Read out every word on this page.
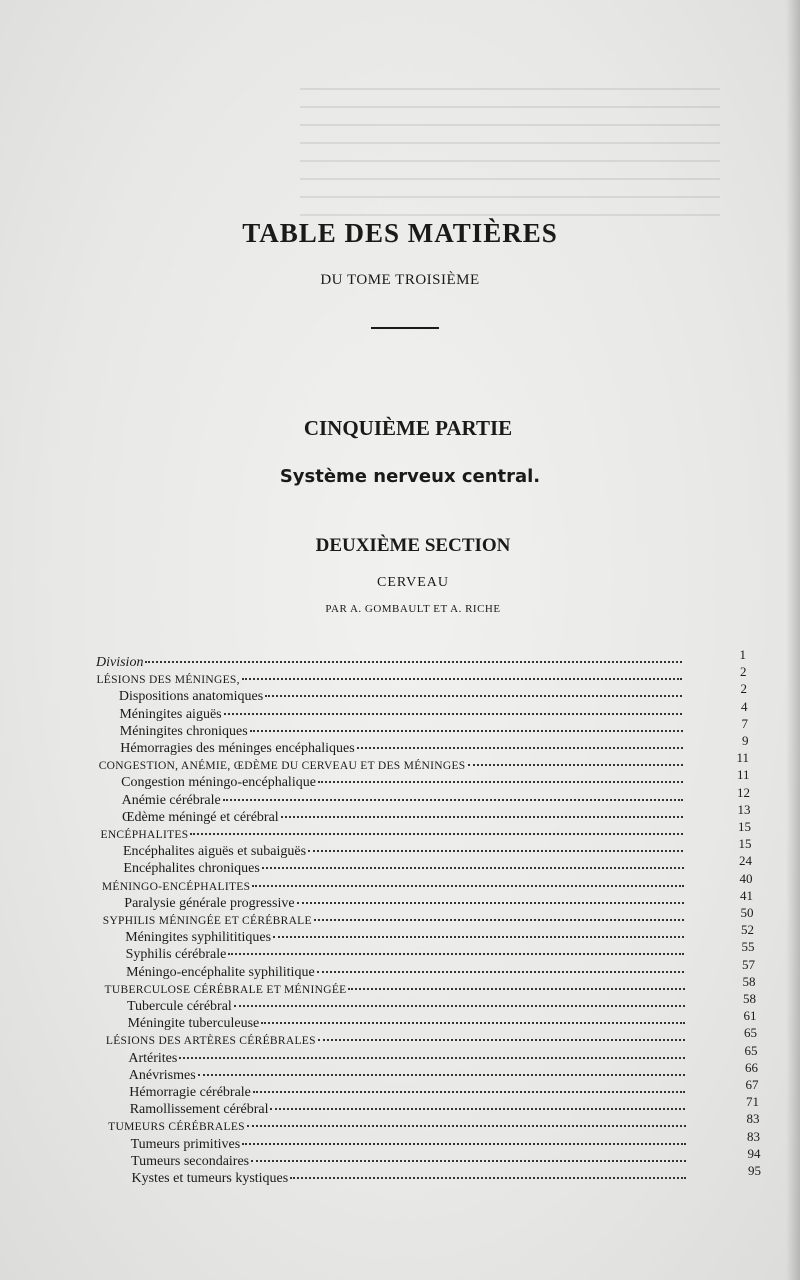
TABLE DES MATIÈRES
DU TOME TROISIÈME
CINQUIÈME PARTIE
Système nerveux central.
DEUXIÈME SECTION
CERVEAU
PAR A. GOMBAULT ET A. RICHE
Division
1
LÉSIONS DES MÉNINGES,
2
Dispositions anatomiques
2
Méningites aiguës
4
Méningites chroniques
7
Hémorragies des méninges encéphaliques
9
CONGESTION, ANÉMIE, ŒDÈME DU CERVEAU ET DES MÉNINGES
11
Congestion méningo-encéphalique
11
Anémie cérébrale
12
Œdème méningé et cérébral
13
ENCÉPHALITES
15
Encéphalites aiguës et subaiguës
15
Encéphalites chroniques
24
MÉNINGO-ENCÉPHALITES
40
Paralysie générale progressive
41
SYPHILIS MÉNINGÉE ET CÉRÉBRALE
50
Méningites syphilititiques
52
Syphilis cérébrale
55
Méningo-encéphalite syphilitique
57
TUBERCULOSE CÉRÉBRALE ET MÉNINGÉE
58
Tubercule cérébral
58
Méningite tuberculeuse
61
LÉSIONS DES ARTÈRES CÉRÉBRALES
65
Artérites
65
Anévrismes
66
Hémorragie cérébrale
67
Ramollissement cérébral
71
TUMEURS CÉRÉBRALES
83
Tumeurs primitives
83
Tumeurs secondaires
94
Kystes et tumeurs kystiques
95
